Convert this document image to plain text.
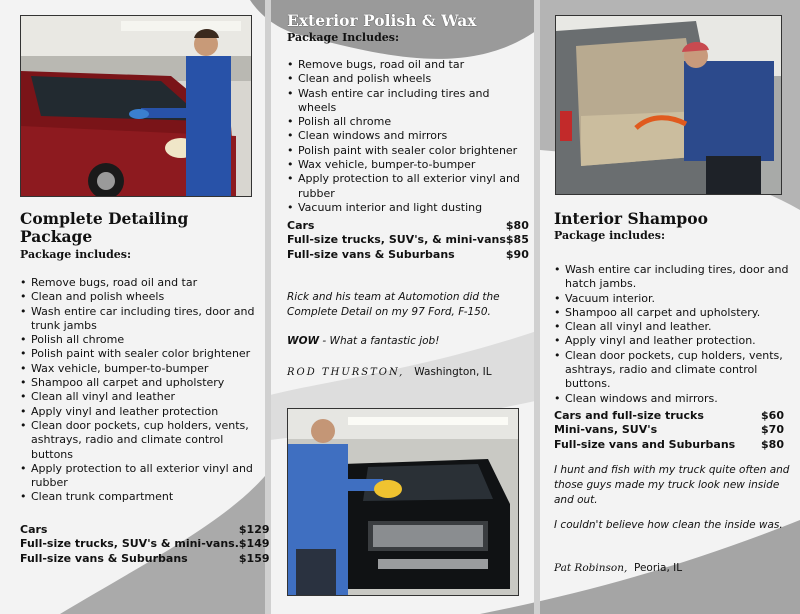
Complete Detailing Package
Package includes:
• Remove bugs, road oil and tar
• Clean and polish wheels
• Wash entire car including tires, door and trunk jambs
• Polish all chrome
• Polish paint with sealer color brightener
• Wax vehicle, bumper-to-bumper
• Shampoo all carpet and upholstery
• Clean all vinyl and leather
• Apply vinyl and leather protection
• Clean door pockets, cup holders, vents, ashtrays, radio and climate control buttons
• Apply protection to all exterior vinyl and rubber
• Clean trunk compartment
Cars	$129
Full-size trucks, SUV's & mini-vans.	$149
Full-size vans & Suburbans	$159
Exterior Polish & Wax
Package Includes:
• Remove bugs, road oil and tar
• Clean and polish wheels
• Wash entire car including tires and wheels
• Polish all chrome
• Clean windows and mirrors
• Polish paint with sealer color brightener
• Wax vehicle, bumper-to-bumper
• Apply protection to all exterior vinyl and rubber
• Vacuum interior and light dusting
Cars	$80
Full-size trucks, SUV's, & mini-vans	$85
Full-size vans & Suburbans	$90
Rick and his team at Automotion did the Complete Detail on my 97 Ford, F-150.
WOW - What a fantastic job!
ROD THURSTON, Washington, IL
Interior Shampoo
Package includes:
• Wash entire car including tires, door and hatch jambs.
• Vacuum interior.
• Shampoo all carpet and upholstery.
• Clean all vinyl and leather.
• Apply vinyl and leather protection.
• Clean door pockets, cup holders, vents, ashtrays, radio and climate control buttons.
• Clean windows and mirrors.
Cars and full-size trucks	$60
Mini-vans, SUV's	$70
Full-size vans and Suburbans	$80
I hunt and fish with my truck quite often and those guys made my truck look new inside and out.
I couldn't believe how clean the inside was.
Pat Robinson, Peoria, IL
